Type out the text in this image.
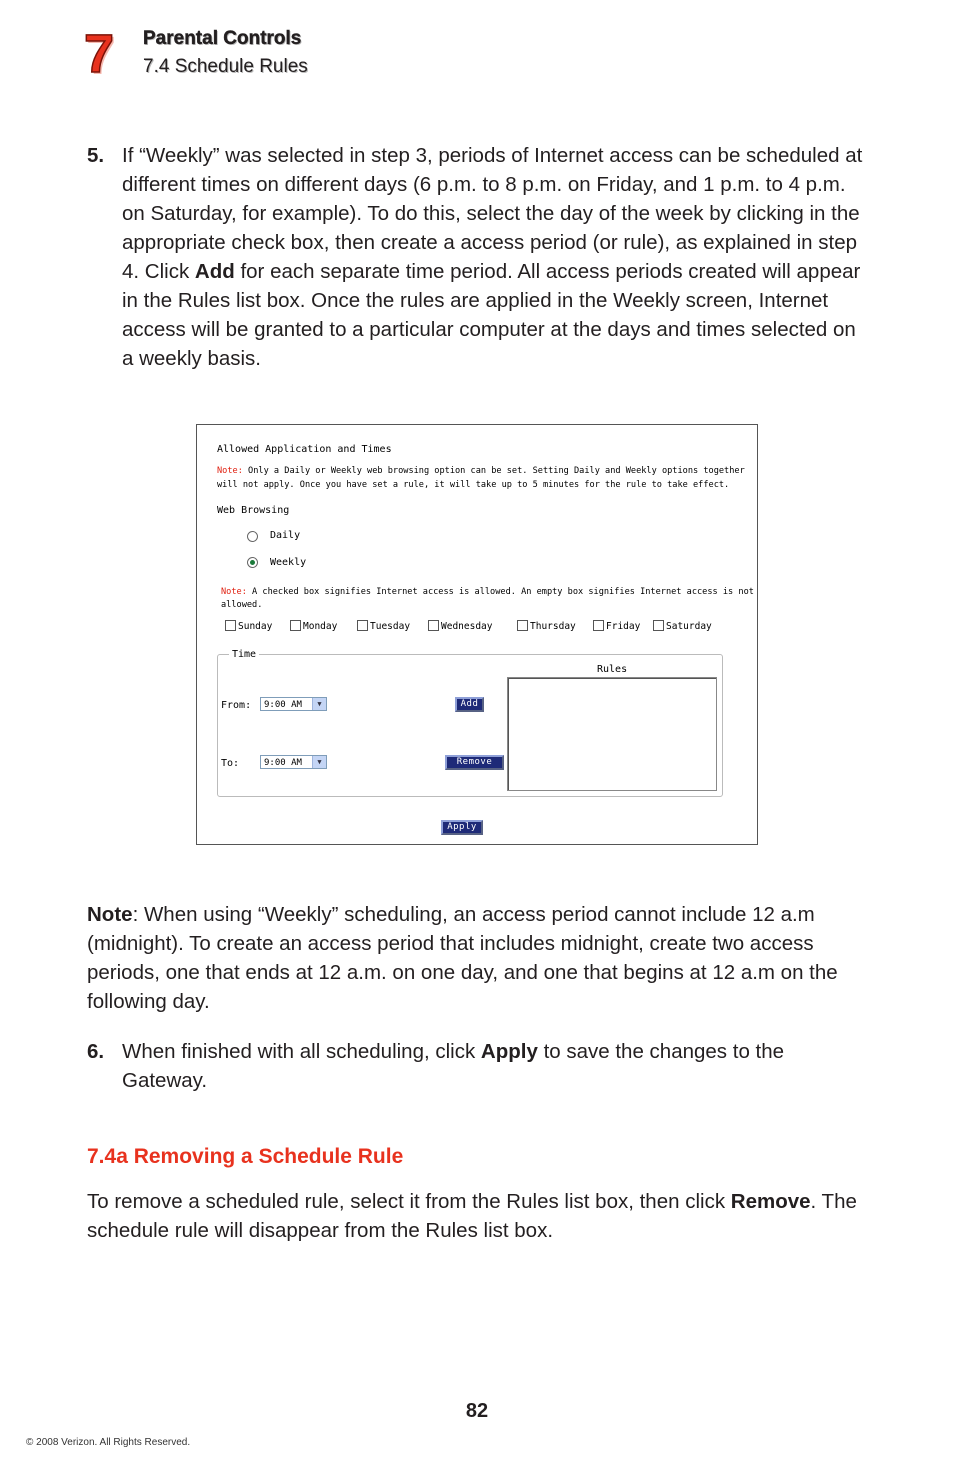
7 Parental Controls
7.4 Schedule Rules
5. If “Weekly” was selected in step 3, periods of Internet access can be scheduled at different times on different days (6 p.m. to 8 p.m. on Friday, and 1 p.m. to 4 p.m. on Saturday, for example). To do this, select the day of the week by clicking in the appropriate check box, then create a access period (or rule), as explained in step 4. Click Add for each separate time period. All access periods created will appear in the Rules list box. Once the rules are applied in the Weekly screen, Internet access will be granted to a particular computer at the days and times selected on a weekly basis.
Allowed Application and Times
Note: Only a Daily or Weekly web browsing option can be set. Setting Daily and Weekly options together
will not apply. Once you have set a rule, it will take up to 5 minutes for the rule to take effect.
Web Browsing
Daily
Weekly
Note: A checked box signifies Internet access is allowed. An empty box signifies Internet access is not
allowed.
Sunday	Monday	Tuesday	Wednesday	Thursday	Friday	Saturday
Time
Rules
From:	9:00 AM	▼
To:	9:00 AM	▼
Add
Remove
Apply
Note: When using “Weekly” scheduling, an access period cannot include 12 a.m (midnight). To create an access period that includes midnight, create two access periods, one that ends at 12 a.m. on one day, and one that begins at 12 a.m on the following day.
6. When finished with all scheduling, click Apply to save the changes to the Gateway.
7.4a Removing a Schedule Rule
To remove a scheduled rule, select it from the Rules list box, then click Remove. The schedule rule will disappear from the Rules list box.
82
© 2008 Verizon. All Rights Reserved.
